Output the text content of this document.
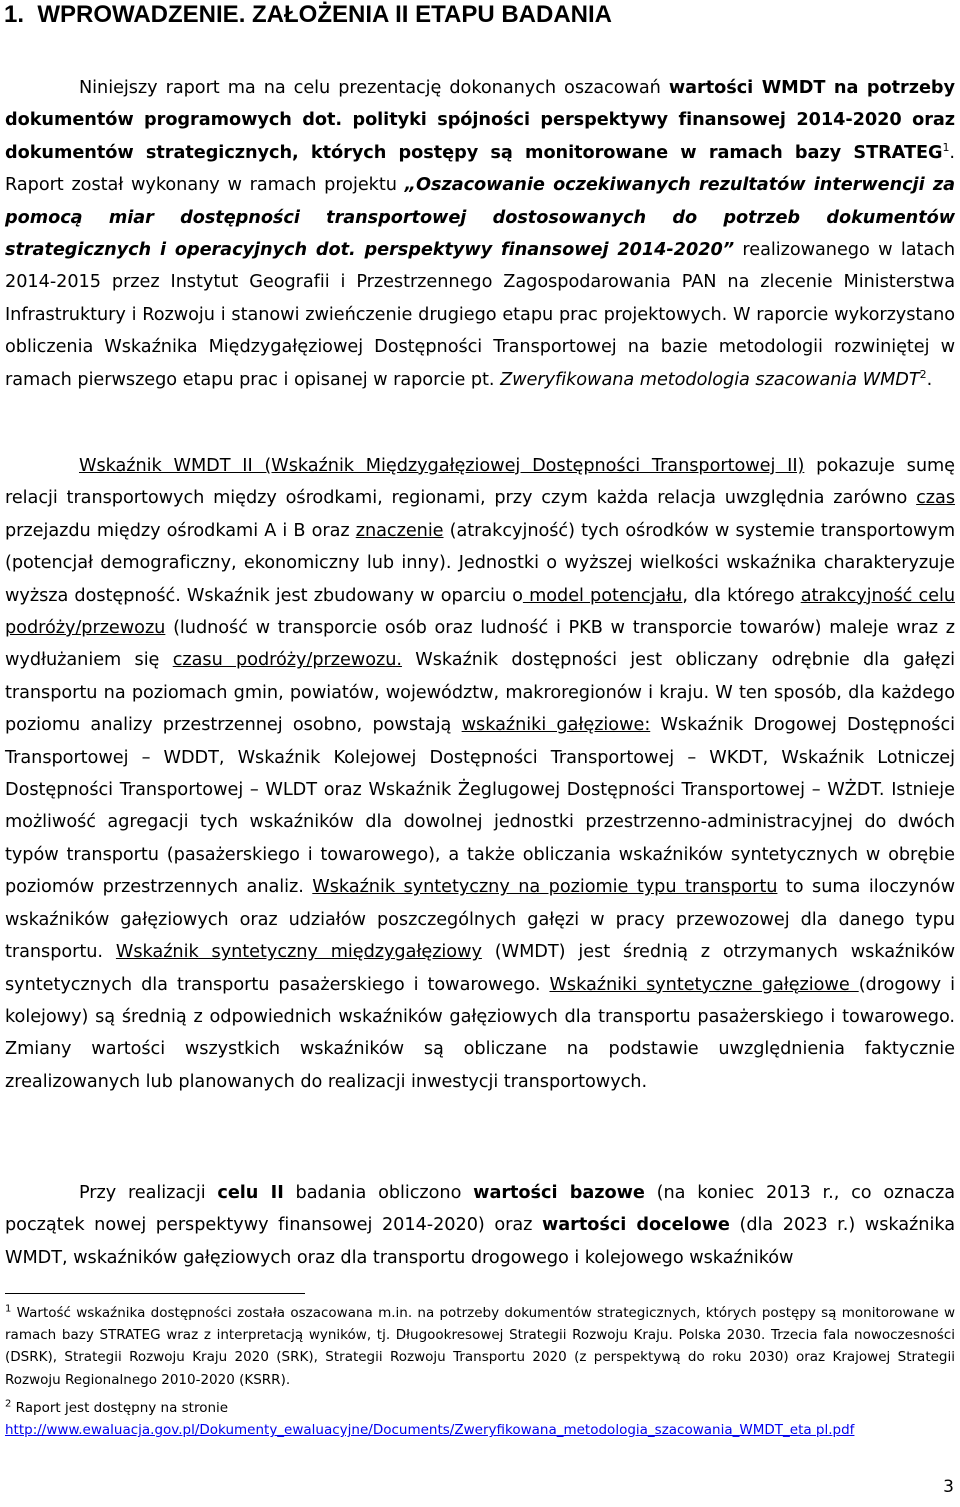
1. WPROWADZENIE. ZAŁOŻENIA II ETAPU BADANIA
Niniejszy raport ma na celu prezentację dokonanych oszacowań wartości WMDT na potrzeby dokumentów programowych dot. polityki spójności perspektywy finansowej 2014-2020 oraz dokumentów strategicznych, których postępy są monitorowane w ramach bazy STRATEG$^1$. Raport został wykonany w ramach projektu „Oszacowanie oczekiwanych rezultatów interwencji za pomocą miar dostępności transportowej dostosowanych do potrzeb dokumentów strategicznych i operacyjnych dot. perspektywy finansowej 2014-2020” realizowanego w latach 2014-2015 przez Instytut Geografii i Przestrzennego Zagospodarowania PAN na zlecenie Ministerstwa Infrastruktury i Rozwoju i stanowi zwieńczenie drugiego etapu prac projektowych. W raporcie wykorzystano obliczenia Wskaźnika Międzygałęziowej Dostępności Transportowej na bazie metodologii rozwiniętej w ramach pierwszego etapu prac i opisanej w raporcie pt. Zweryfikowana metodologia szacowania WMDT$^2$.
Wskaźnik WMDT II (Wskaźnik Międzygałęziowej Dostępności Transportowej II) pokazuje sumę relacji transportowych między ośrodkami, regionami, przy czym każda relacja uwzględnia zarówno czas przejazdu między ośrodkami A i B oraz znaczenie (atrakcyjność) tych ośrodków w systemie transportowym (potencjał demograficzny, ekonomiczny lub inny). Jednostki o wyższej wielkości wskaźnika charakteryzuje wyższa dostępność. Wskaźnik jest zbudowany w oparciu o model potencjału, dla którego atrakcyjność celu podróży/przewozu (ludność w transporcie osób oraz ludność i PKB w transporcie towarów) maleje wraz z wydłużaniem się czasu podróży/przewozu. Wskaźnik dostępności jest obliczany odrębnie dla gałęzi transportu na poziomach gmin, powiatów, województw, makroregionów i kraju. W ten sposób, dla każdego poziomu analizy przestrzennej osobno, powstają wskaźniki gałęziowe: Wskaźnik Drogowej Dostępności Transportowej – WDDT, Wskaźnik Kolejowej Dostępności Transportowej – WKDT, Wskaźnik Lotniczej Dostępności Transportowej – WLDT oraz Wskaźnik Żeglugowej Dostępności Transportowej – WŻDT. Istnieje możliwość agregacji tych wskaźników dla dowolnej jednostki przestrzenno-administracyjnej do dwóch typów transportu (pasażerskiego i towarowego), a także obliczania wskaźników syntetycznych w obrębie poziomów przestrzennych analiz. Wskaźnik syntetyczny na poziomie typu transportu to suma iloczynów wskaźników gałęziowych oraz udziałów poszczególnych gałęzi w pracy przewozowej dla danego typu transportu. Wskaźnik syntetyczny międzygałęziowy (WMDT) jest średnią z otrzymanych wskaźników syntetycznych dla transportu pasażerskiego i towarowego. Wskaźniki syntetyczne gałęziowe (drogowy i kolejowy) są średnią z odpowiednich wskaźników gałęziowych dla transportu pasażerskiego i towarowego. Zmiany wartości wszystkich wskaźników są obliczane na podstawie uwzględnienia faktycznie zrealizowanych lub planowanych do realizacji inwestycji transportowych.
Przy realizacji celu II badania obliczono wartości bazowe (na koniec 2013 r., co oznacza początek nowej perspektywy finansowej 2014-2020) oraz wartości docelowe (dla 2023 r.) wskaźnika WMDT, wskaźników gałęziowych oraz dla transportu drogowego i kolejowego wskaźników
$^1$ Wartość wskaźnika dostępności została oszacowana m.in. na potrzeby dokumentów strategicznych, których postępy są monitorowane w ramach bazy STRATEG wraz z interpretacją wyników, tj. Długookresowej Strategii Rozwoju Kraju. Polska 2030. Trzecia fala nowoczesności (DSRK), Strategii Rozwoju Kraju 2020 (SRK), Strategii Rozwoju Transportu 2020 (z perspektywą do roku 2030) oraz Krajowej Strategii Rozwoju Regionalnego 2010-2020 (KSRR).
$^2$ Raport jest dostępny na stronie
http://www.ewaluacja.gov.pl/Dokumenty_ewaluacyjne/Documents/Zweryfikowana_metodologia_szacowania_WMDT_eta pl.pdf
3
